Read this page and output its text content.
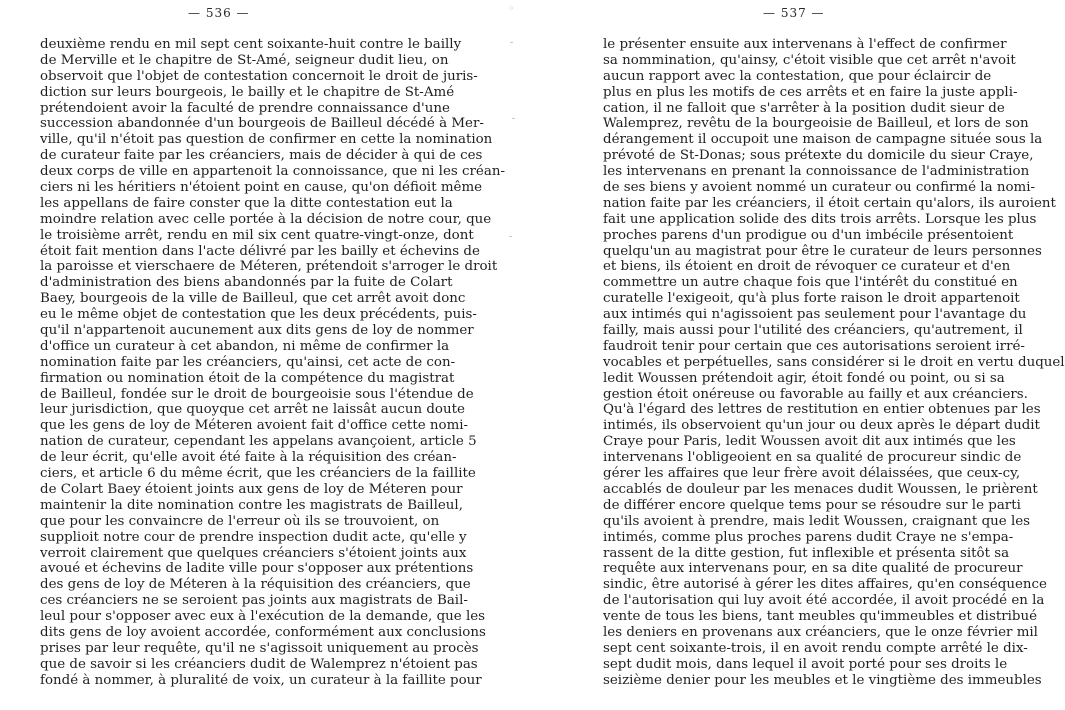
◦
— 536 —
deuxième rendu en mil sept cent soixante-huit contre le bailly
de Merville et le chapitre de St-Amé, seigneur dudit lieu, on
observoit que l'objet de contestation concernoit le droit de juris-
diction sur leurs bourgeois, le bailly et le chapitre de St-Amé
prétendoient avoir la faculté de prendre connaissance d'une
succession abandonnée d'un bourgeois de Bailleul décédé à Mer-
ville, qu'il n'étoit pas question de confirmer en cette la nomination
de curateur faite par les créanciers, mais de décider à qui de ces
deux corps de ville en appartenoit la connoissance, que ni les créan-
ciers ni les héritiers n'étoient point en cause, qu'on défioit même
les appellans de faire conster que la ditte contestation eut la
moindre relation avec celle portée à la décision de notre cour, que
le troisième arrêt, rendu en mil six cent quatre-vingt-onze, dont
étoit fait mention dans l'acte délivré par les bailly et échevins de
la paroisse et vierschaere de Méteren, prétendoit s'arroger le droit
d'administration des biens abandonnés par la fuite de Colart
Baey, bourgeois de la ville de Bailleul, que cet arrêt avoit donc
eu le même objet de contestation que les deux précédents, puis-
qu'il n'appartenoit aucunement aux dits gens de loy de nommer
d'office un curateur à cet abandon, ni même de confirmer la
nomination faite par les créanciers, qu'ainsi, cet acte de con-
firmation ou nomination étoit de la compétence du magistrat
de Bailleul, fondée sur le droit de bourgeoisie sous l'étendue de
leur jurisdiction, que quoyque cet arrêt ne laissât aucun doute
que les gens de loy de Méteren avoient fait d'office cette nomi-
nation de curateur, cependant les appelans avançoient, article 5
de leur écrit, qu'elle avoit été faite à la réquisition des créan-
ciers, et article 6 du même écrit, que les créanciers de la faillite
de Colart Baey étoient joints aux gens de loy de Méteren pour
maintenir la dite nomination contre les magistrats de Bailleul,
que pour les convaincre de l'erreur où ils se trouvoient, on
supplioit notre cour de prendre inspection dudit acte, qu'elle y
verroit clairement que quelques créanciers s'étoient joints aux
avoué et échevins de ladite ville pour s'opposer aux prétentions
des gens de loy de Méteren à la réquisition des créanciers, que
ces créanciers ne se seroient pas joints aux magistrats de Bail-
leul pour s'opposer avec eux à l'exécution de la demande, que les
dits gens de loy avoient accordée, conformément aux conclusions
prises par leur requête, qu'il ne s'agissoit uniquement au procès
que de savoir si les créanciers dudit de Walemprez n'étoient pas
fondé à nommer, à pluralité de voix, un curateur à la faillite pour
— 537 —
le présenter ensuite aux intervenans à l'effect de confirmer
sa nommination, qu'ainsy, c'étoit visible que cet arrêt n'avoit
aucun rapport avec la contestation, que pour éclaircir de
plus en plus les motifs de ces arrêts et en faire la juste appli-
cation, il ne falloit que s'arrêter à la position dudit sieur de
Walemprez, revêtu de la bourgeoisie de Bailleul, et lors de son
dérangement il occupoit une maison de campagne située sous la
prévoté de St-Donas; sous prétexte du domicile du sieur Craye,
les intervenans en prenant la connoissance de l'administration
de ses biens y avoient nommé un curateur ou confirmé la nomi-
nation faite par les créanciers, il étoit certain qu'alors, ils auroient
fait une application solide des dits trois arrêts. Lorsque les plus
proches parens d'un prodigue ou d'un imbécile présentoient
quelqu'un au magistrat pour être le curateur de leurs personnes
et biens, ils étoient en droit de révoquer ce curateur et d'en
commettre un autre chaque fois que l'intérêt du constitué en
curatelle l'exigeoit, qu'à plus forte raison le droit appartenoit
aux intimés qui n'agissoient pas seulement pour l'avantage du
failly, mais aussi pour l'utilité des créanciers, qu'autrement, il
faudroit tenir pour certain que ces autorisations seroient irré-
vocables et perpétuelles, sans considérer si le droit en vertu duquel
ledit Woussen prétendoit agir, étoit fondé ou point, ou si sa
gestion étoit onéreuse ou favorable au failly et aux créanciers.
Qu'à l'égard des lettres de restitution en entier obtenues par les
intimés, ils observoient qu'un jour ou deux après le départ dudit
Craye pour Paris, ledit Woussen avoit dit aux intimés que les
intervenans l'obligeoient en sa qualité de procureur sindic de
gérer les affaires que leur frère avoit délaissées, que ceux-cy,
accablés de douleur par les menaces dudit Woussen, le prièrent
de différer encore quelque tems pour se résoudre sur le parti
qu'ils avoient à prendre, mais ledit Woussen, craignant que les
intimés, comme plus proches parens dudit Craye ne s'empa-
rassent de la ditte gestion, fut inflexible et présenta sitôt sa
requête aux intervenans pour, en sa dite qualité de procureur
sindic, être autorisé à gérer les dites affaires, qu'en conséquence
de l'autorisation qui luy avoit été accordée, il avoit procédé en la
vente de tous les biens, tant meubles qu'immeubles et distribué
les deniers en provenans aux créanciers, que le onze février mil
sept cent soixante-trois, il en avoit rendu compte arrêté le dix-
sept dudit mois, dans lequel il avoit porté pour ses droits le
seizième denier pour les meubles et le vingtième des immeubles
